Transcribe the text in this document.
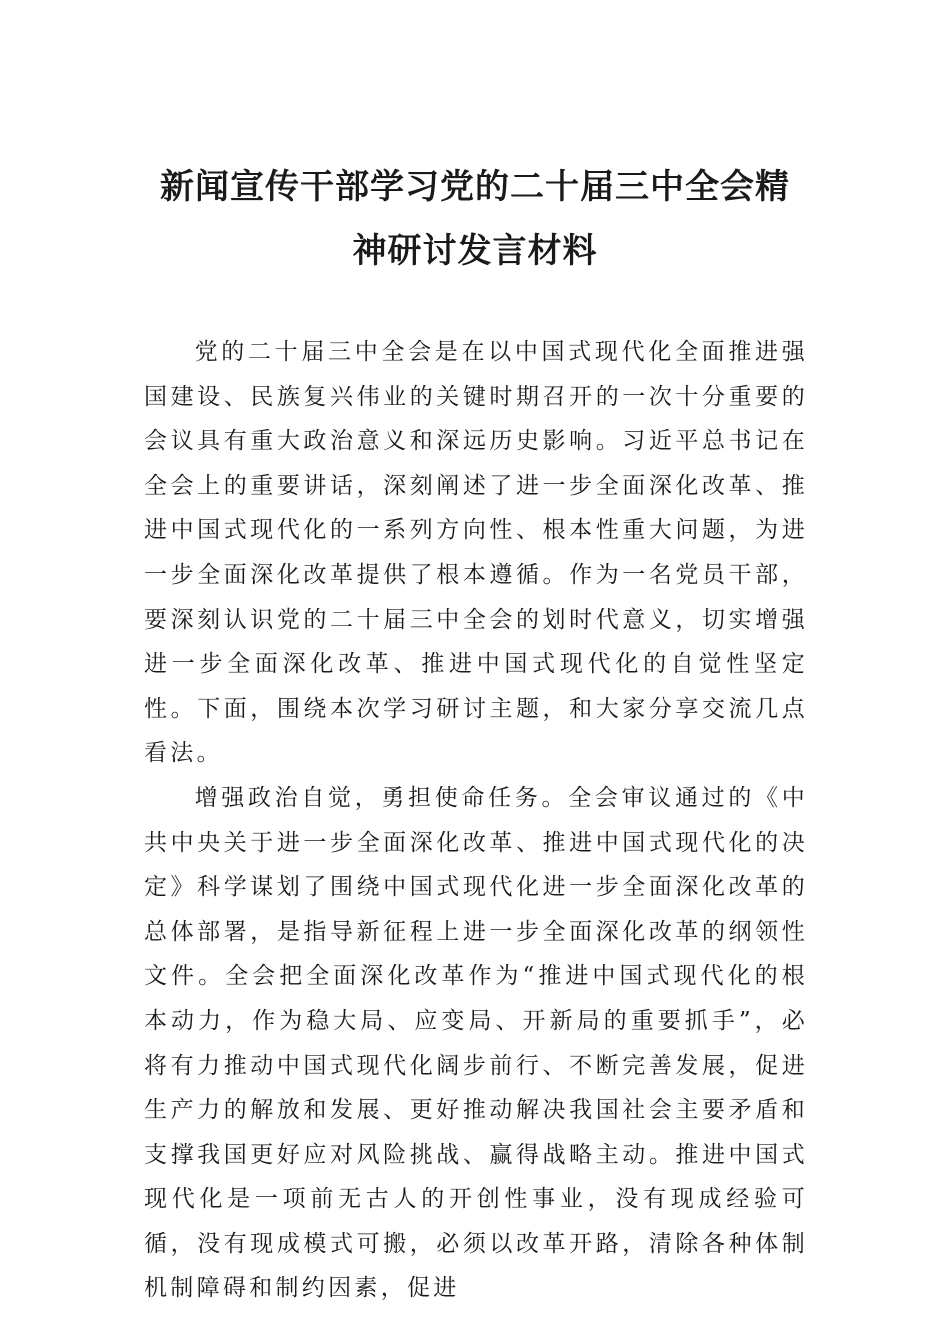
新闻宣传干部学习党的二十届三中全会精
神研讨发言材料

党的二十届三中全会是在以中国式现代化全面推进强国建设、民族复兴伟业的关键时期召开的一次十分重要的会议具有重大政治意义和深远历史影响。习近平总书记在全会上的重要讲话，深刻阐述了进一步全面深化改革、推进中国式现代化的一系列方向性、根本性重大问题，为进一步全面深化改革提供了根本遵循。作为一名党员干部，要深刻认识党的二十届三中全会的划时代意义，切实增强进一步全面深化改革、推进中国式现代化的自觉性坚定性。下面，围绕本次学习研讨主题，和大家分享交流几点看法。

增强政治自觉，勇担使命任务。全会审议通过的《中共中央关于进一步全面深化改革、推进中国式现代化的决定》科学谋划了围绕中国式现代化进一步全面深化改革的总体部署，是指导新征程上进一步全面深化改革的纲领性文件。全会把全面深化改革作为“推进中国式现代化的根本动力，作为稳大局、应变局、开新局的重要抓手”，必将有力推动中国式现代化阔步前行、不断完善发展，促进生产力的解放和发展、更好推动解决我国社会主要矛盾和支撑我国更好应对风险挑战、赢得战略主动。推进中国式现代化是一项前无古人的开创性事业，没有现成经验可循，没有现成模式可搬，必须以改革开路，清除各种体制机制障碍和制约因素，促进
